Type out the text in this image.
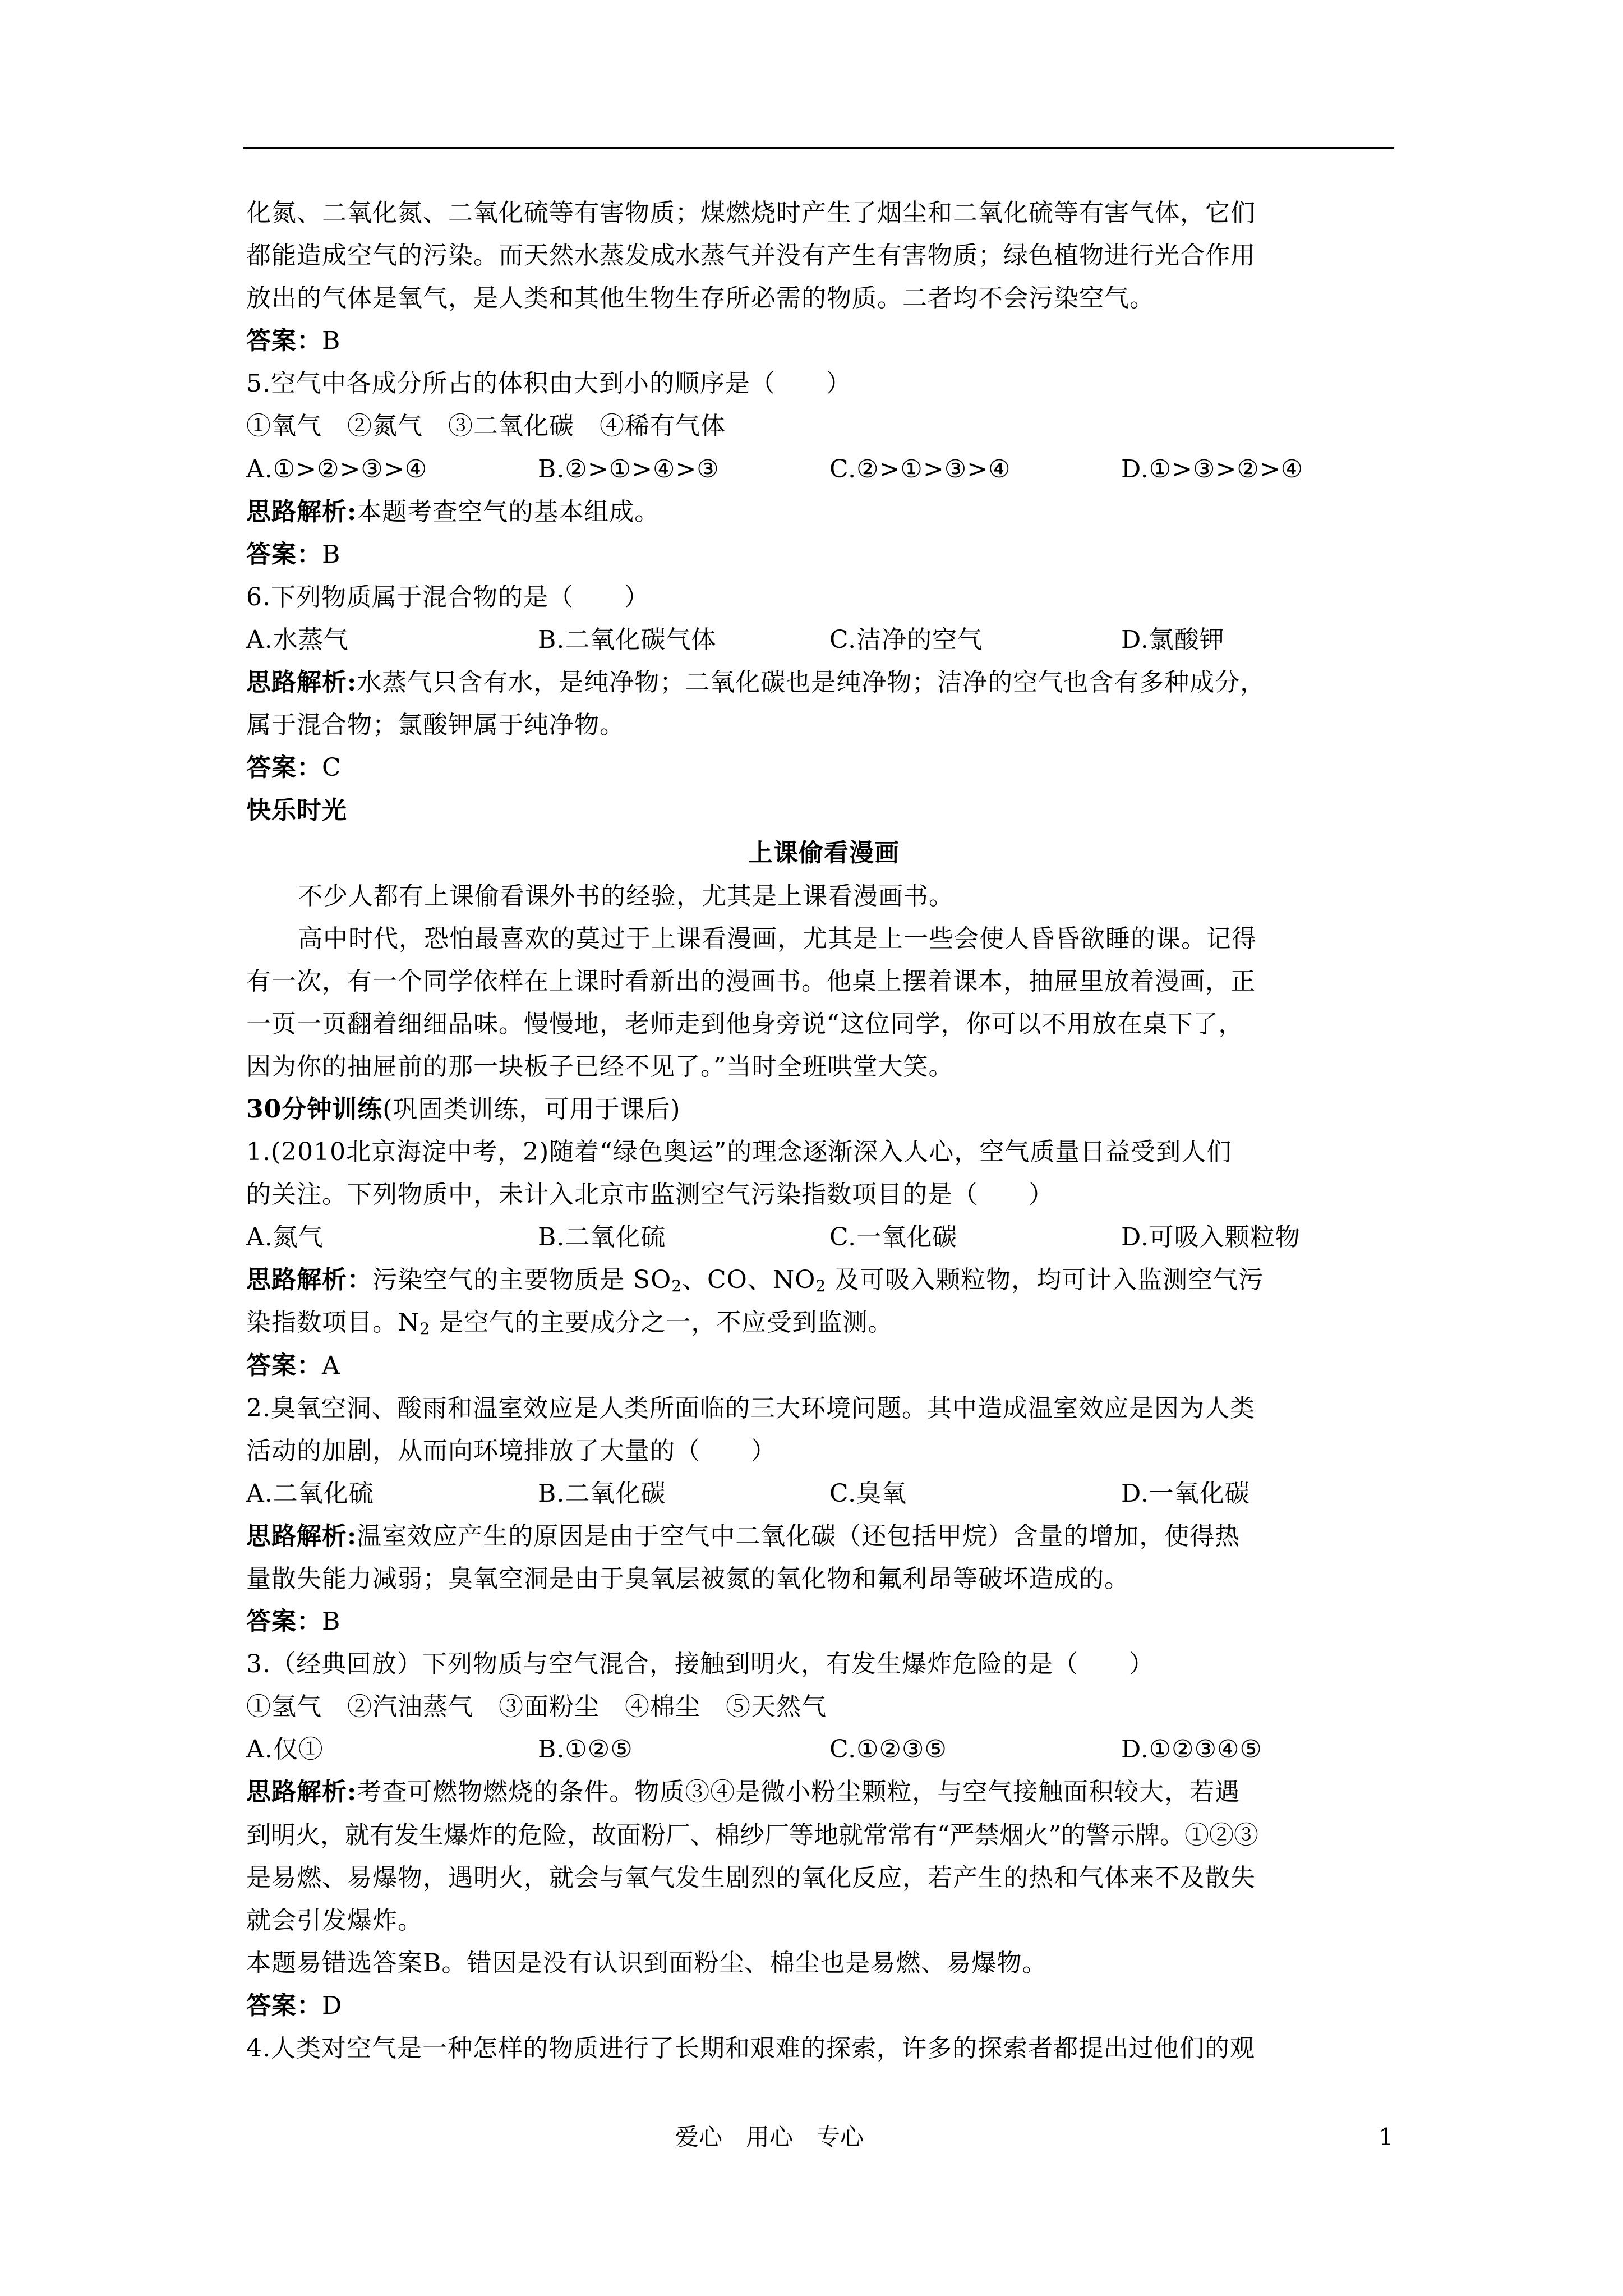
化氮、二氧化氮、二氧化硫等有害物质；煤燃烧时产生了烟尘和二氧化硫等有害气体，它们
都能造成空气的污染。而天然水蒸发成水蒸气并没有产生有害物质；绿色植物进行光合作用
放出的气体是氧气，是人类和其他生物生存所必需的物质。二者均不会污染空气。
答案：B
5.空气中各成分所占的体积由大到小的顺序是（　　）
①氧气　②氮气　③二氧化碳　④稀有气体
A.①>②>③>④	B.②>①>④>③	C.②>①>③>④	D.①>③>②>④
思路解析:本题考查空气的基本组成。
答案：B
6.下列物质属于混合物的是（　　）
A.水蒸气	B.二氧化碳气体	C.洁净的空气	D.氯酸钾
思路解析:水蒸气只含有水，是纯净物；二氧化碳也是纯净物；洁净的空气也含有多种成分，
属于混合物；氯酸钾属于纯净物。
答案：C
快乐时光
上课偷看漫画
不少人都有上课偷看课外书的经验，尤其是上课看漫画书。
高中时代，恐怕最喜欢的莫过于上课看漫画，尤其是上一些会使人昏昏欲睡的课。记得
有一次，有一个同学依样在上课时看新出的漫画书。他桌上摆着课本，抽屉里放着漫画，正
一页一页翻着细细品味。慢慢地，老师走到他身旁说“这位同学，你可以不用放在桌下了，
因为你的抽屉前的那一块板子已经不见了。”当时全班哄堂大笑。
30分钟训练(巩固类训练，可用于课后)
1.(2010北京海淀中考，2)随着“绿色奥运”的理念逐渐深入人心，空气质量日益受到人们
的关注。下列物质中，未计入北京市监测空气污染指数项目的是（　　）
A.氮气	B.二氧化硫	C.一氧化碳	D.可吸入颗粒物
思路解析：污染空气的主要物质是 $SO_2$、CO、$NO_2$ 及可吸入颗粒物，均可计入监测空气污
染指数项目。$N_2$ 是空气的主要成分之一，不应受到监测。
答案：A
2.臭氧空洞、酸雨和温室效应是人类所面临的三大环境问题。其中造成温室效应是因为人类
活动的加剧，从而向环境排放了大量的（　　）
A.二氧化硫	B.二氧化碳	C.臭氧	D.一氧化碳
思路解析:温室效应产生的原因是由于空气中二氧化碳（还包括甲烷）含量的增加，使得热
量散失能力减弱；臭氧空洞是由于臭氧层被氮的氧化物和氟利昂等破坏造成的。
答案：B
3.（经典回放）下列物质与空气混合，接触到明火，有发生爆炸危险的是（　　）
①氢气　②汽油蒸气　③面粉尘　④棉尘　⑤天然气
A.仅①	B.①②⑤	C.①②③⑤	D.①②③④⑤
思路解析:考查可燃物燃烧的条件。物质③④是微小粉尘颗粒，与空气接触面积较大，若遇
到明火，就有发生爆炸的危险，故面粉厂、棉纱厂等地就常常有“严禁烟火”的警示牌。①②③
是易燃、易爆物，遇明火，就会与氧气发生剧烈的氧化反应，若产生的热和气体来不及散失
就会引发爆炸。
本题易错选答案B。错因是没有认识到面粉尘、棉尘也是易燃、易爆物。
答案：D
4.人类对空气是一种怎样的物质进行了长期和艰难的探索，许多的探索者都提出过他们的观
爱心　用心　专心	1
